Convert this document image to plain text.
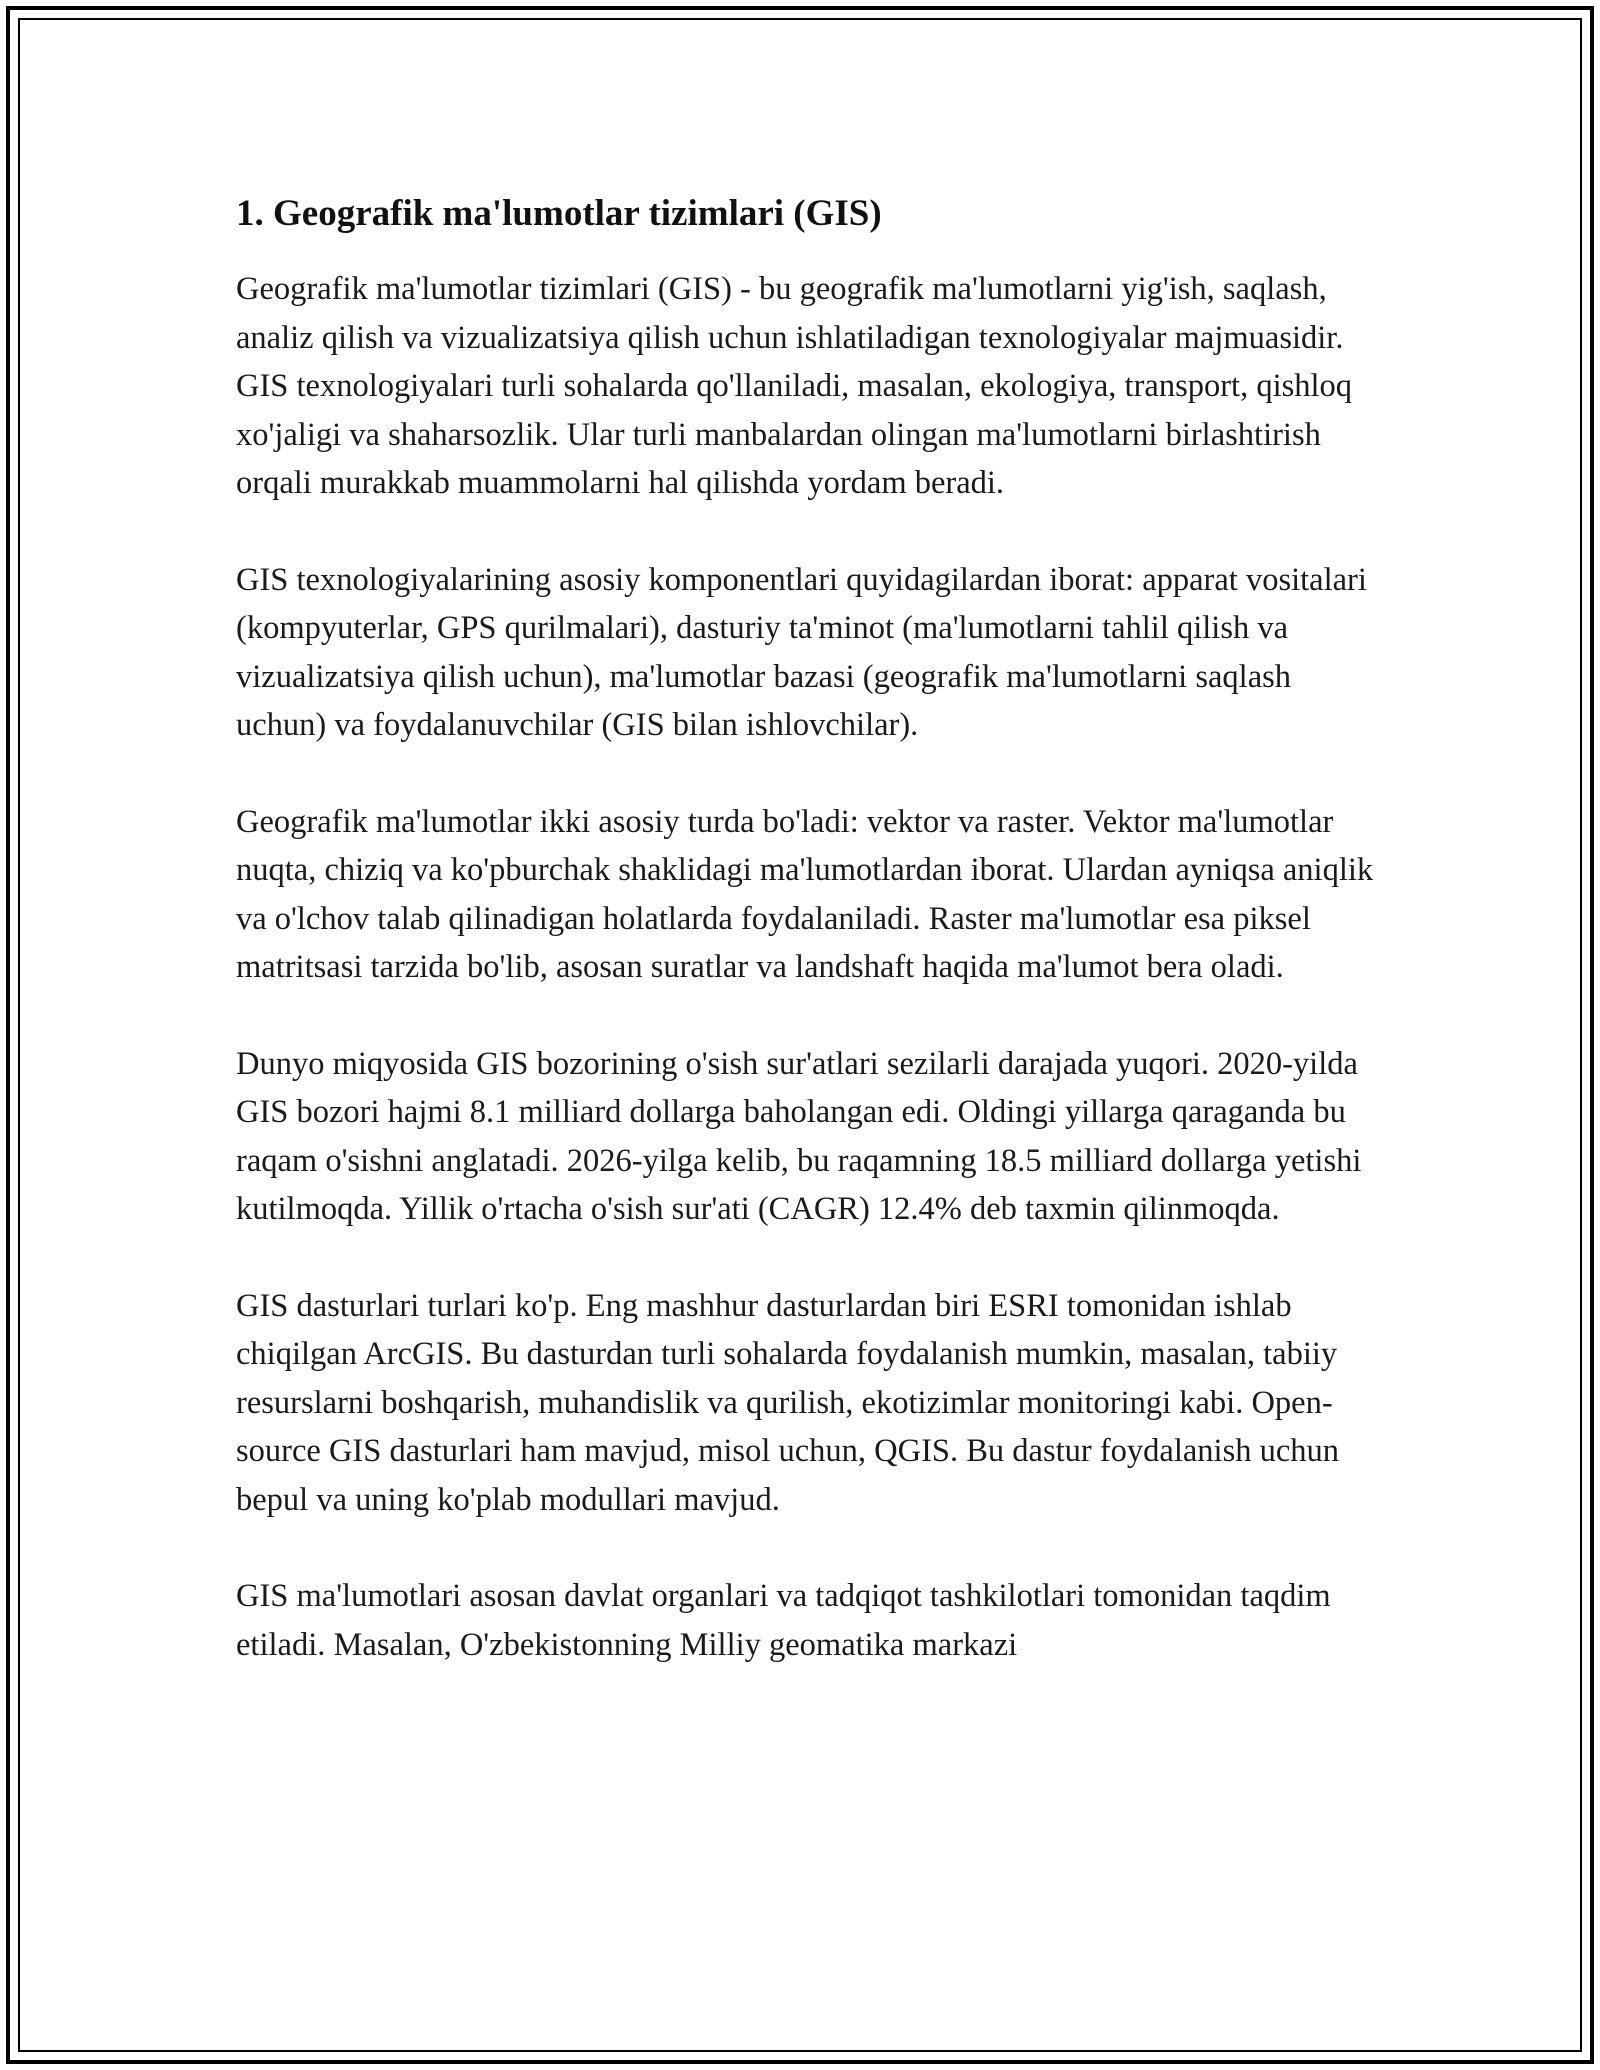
1. Geografik ma'lumotlar tizimlari (GIS)

Geografik ma'lumotlar tizimlari (GIS) - bu geografik ma'lumotlarni yig'ish, saqlash, analiz qilish va vizualizatsiya qilish uchun ishlatiladigan texnologiyalar majmuasidir. GIS texnologiyalari turli sohalarda qo'llaniladi, masalan, ekologiya, transport, qishloq xo'jaligi va shaharsozlik. Ular turli manbalardan olingan ma'lumotlarni birlashtirish orqali murakkab muammolarni hal qilishda yordam beradi.

GIS texnologiyalarining asosiy komponentlari quyidagilardan iborat: apparat vositalari (kompyuterlar, GPS qurilmalari), dasturiy ta'minot (ma'lumotlarni tahlil qilish va vizualizatsiya qilish uchun), ma'lumotlar bazasi (geografik ma'lumotlarni saqlash uchun) va foydalanuvchilar (GIS bilan ishlovchilar).

Geografik ma'lumotlar ikki asosiy turda bo'ladi: vektor va raster. Vektor ma'lumotlar nuqta, chiziq va ko'pburchak shaklidagi ma'lumotlardan iborat. Ulardan ayniqsa aniqlik va o'lchov talab qilinadigan holatlarda foydalaniladi. Raster ma'lumotlar esa piksel matritsasi tarzida bo'lib, asosan suratlar va landshaft haqida ma'lumot bera oladi.

Dunyo miqyosida GIS bozorining o'sish sur'atlari sezilarli darajada yuqori. 2020-yilda GIS bozori hajmi 8.1 milliard dollarga baholangan edi. Oldingi yillarga qaraganda bu raqam o'sishni anglatadi. 2026-yilga kelib, bu raqamning 18.5 milliard dollarga yetishi kutilmoqda. Yillik o'rtacha o'sish sur'ati (CAGR) 12.4% deb taxmin qilinmoqda.

GIS dasturlari turlari ko'p. Eng mashhur dasturlardan biri ESRI tomonidan ishlab chiqilgan ArcGIS. Bu dasturdan turli sohalarda foydalanish mumkin, masalan, tabiiy resurslarni boshqarish, muhandislik va qurilish, ekotizimlar monitoringi kabi. Open-source GIS dasturlari ham mavjud, misol uchun, QGIS. Bu dastur foydalanish uchun bepul va uning ko'plab modullari mavjud.

GIS ma'lumotlari asosan davlat organlari va tadqiqot tashkilotlari tomonidan taqdim etiladi. Masalan, O'zbekistonning Milliy geomatika markazi
